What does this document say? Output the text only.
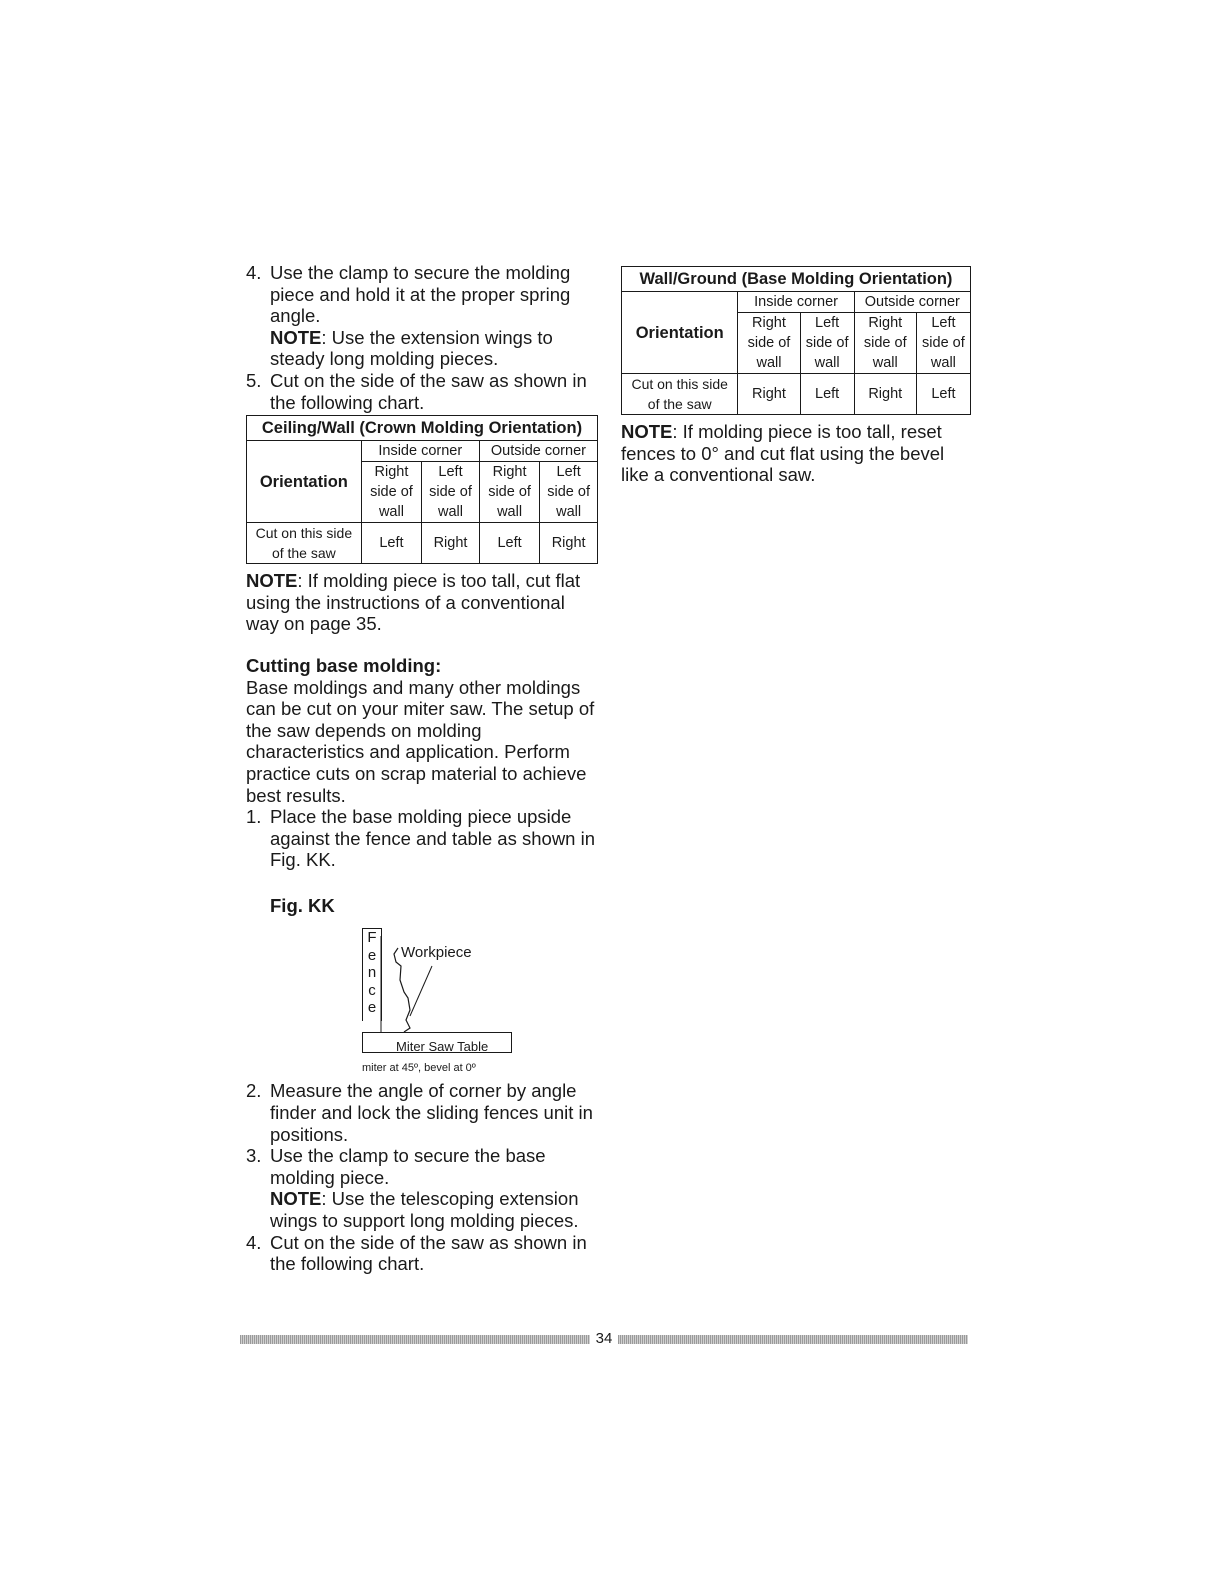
4. Use the clamp to secure the molding piece and hold it at the proper spring angle.

NOTE: Use the extension wings to steady long molding pieces.

5. Cut on the side of the saw as shown in the following chart.

Ceiling/Wall (Crown Molding Orientation)				
Orientation	Inside corner		Outside corner	
	Right side of wall	Left side of wall	Right side of wall	Left side of wall
Cut on this side of the saw	Left	Right	Left	Right

NOTE: If molding piece is too tall, cut flat using the instructions of a conventional way on page 35.

Cutting base molding:

Base moldings and many other moldings can be cut on your miter saw. The setup of the saw depends on molding characteristics and application. Perform practice cuts on scrap material to achieve best results.

1. Place the base molding piece upside against the fence and table as shown in Fig. KK.

Fig. KK

F
e
n
c
e
Workpiece
Miter Saw Table
miter at 45º, bevel at 0º
2. Measure the angle of corner by angle finder and lock the sliding fences unit in positions.

3. Use the clamp to secure the base molding piece.

NOTE: Use the telescoping extension wings to support long molding pieces.

4. Cut on the side of the saw as shown in the following chart.

Wall/Ground (Base Molding Orientation)				
Orientation	Inside corner		Outside corner	
	Right side of wall	Left side of wall	Right side of wall	Left side of wall
Cut on this side of the saw	Right	Left	Right	Left

NOTE: If molding piece is too tall, reset fences to 0° and cut flat using the bevel like a conventional saw.

34
